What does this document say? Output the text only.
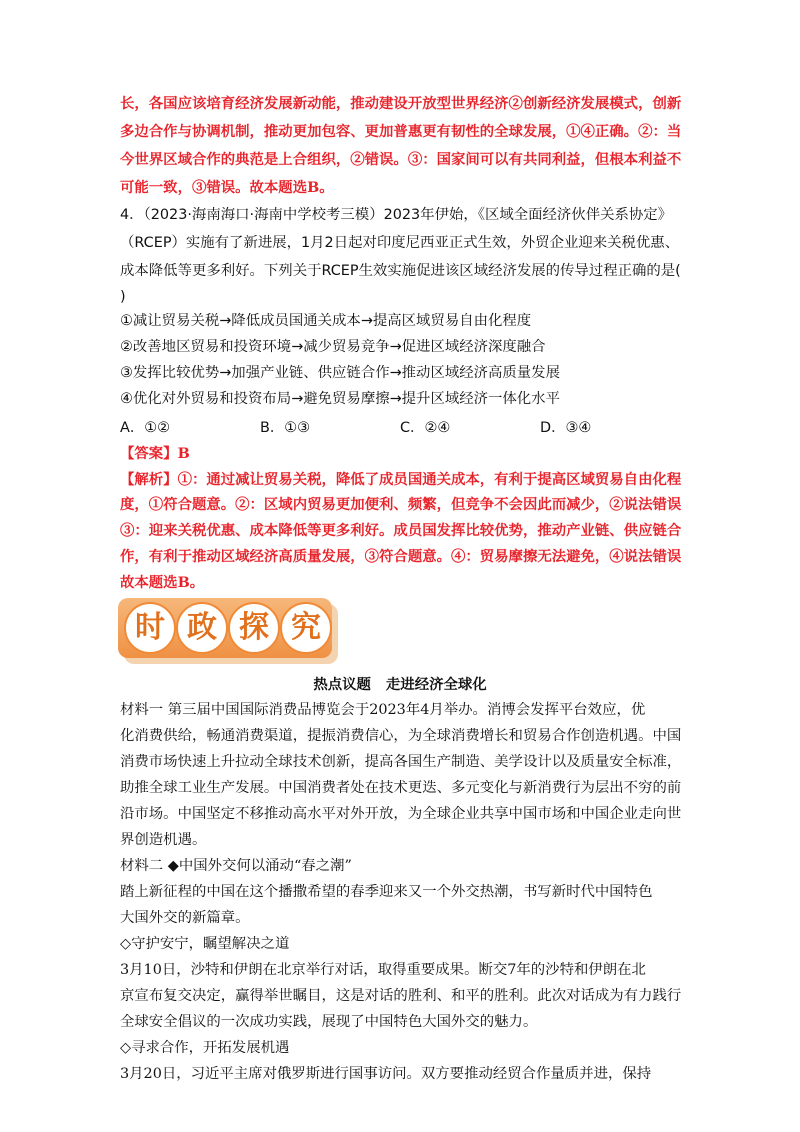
长，各国应该培育经济发展新动能，推动建设开放型世界经济②创新经济发展模式，创新
多边合作与协调机制，推动更加包容、更加普惠更有韧性的全球发展，①④正确。②：当
今世界区域合作的典范是上合组织，②错误。③：国家间可以有共同利益，但根本利益不
可能一致，③错误。故本题选B。
4．（2023·海南海口·海南中学校考三模）2023年伊始，《区域全面经济伙伴关系协定》
（RCEP）实施有了新进展，1月2日起对印度尼西亚正式生效，外贸企业迎来关税优惠、
成本降低等更多利好。下列关于RCEP生效实施促进该区域经济发展的传导过程正确的是(
)
①减让贸易关税→降低成员国通关成本→提高区域贸易自由化程度
②改善地区贸易和投资环境→减少贸易竞争→促进区域经济深度融合
③发挥比较优势→加强产业链、供应链合作→推动区域经济高质量发展
④优化对外贸易和投资布局→避免贸易摩擦→提升区域经济一体化水平
A．①②	B．①③	C．②④	D．③④
【答案】B
【解析】①：通过减让贸易关税，降低了成员国通关成本，有利于提高区域贸易自由化程
度，①符合题意。②：区域内贸易更加便利、频繁，但竞争不会因此而减少，②说法错误
③：迎来关税优惠、成本降低等更多利好。成员国发挥比较优势，推动产业链、供应链合
作，有利于推动区域经济高质量发展，③符合题意。④：贸易摩擦无法避免，④说法错误
故本题选B。
时 政 探 究
热点议题   走进经济全球化
材料一 第三届中国国际消费品博览会于2023年4月举办。消博会发挥平台效应，优
化消费供给，畅通消费渠道，提振消费信心，为全球消费增长和贸易合作创造机遇。中国
消费市场快速上升拉动全球技术创新，提高各国生产制造、美学设计以及质量安全标准，
助推全球工业生产发展。中国消费者处在技术更迭、多元变化与新消费行为层出不穷的前
沿市场。中国坚定不移推动高水平对外开放，为全球企业共享中国市场和中国企业走向世
界创造机遇。
材料二 ◆中国外交何以涌动“春之潮”
踏上新征程的中国在这个播撒希望的春季迎来又一个外交热潮，书写新时代中国特色
大国外交的新篇章。
◇守护安宁，瞩望解决之道
3月10日，沙特和伊朗在北京举行对话，取得重要成果。断交7年的沙特和伊朗在北
京宣布复交决定，赢得举世瞩目，这是对话的胜利、和平的胜利。此次对话成为有力践行
全球安全倡议的一次成功实践，展现了中国特色大国外交的魅力。
◇寻求合作，开拓发展机遇
3月20日，习近平主席对俄罗斯进行国事访问。双方要推动经贸合作量质并进，保持
